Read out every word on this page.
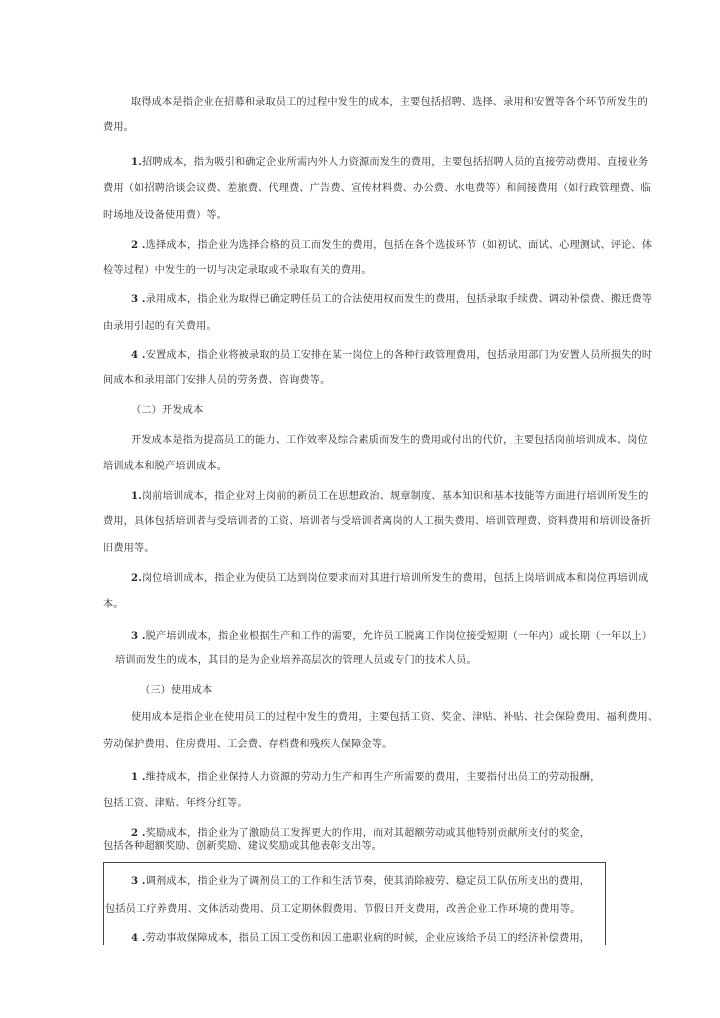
取得成本是指企业在招募和录取员工的过程中发生的成本，主要包括招聘、选择、录用和安置等各个环节所发生的
费用。
1.招聘成本，指为吸引和确定企业所需内外人力资源而发生的费用，主要包括招聘人员的直接劳动费用、直接业务
费用（如招聘洽谈会议费、差旅费、代理费、广告费、宣传材料费、办公费、水电费等）和间接费用（如行政管理费、临
时场地及设备使用费）等。
2 .选择成本，指企业为选择合格的员工而发生的费用，包括在各个选拔环节（如初试、面试、心理测试、评论、体
检等过程）中发生的一切与决定录取或不录取有关的费用。
3 .录用成本，指企业为取得已确定聘任员工的合法使用权而发生的费用，包括录取手续费、调动补偿费、搬迁费等
由录用引起的有关费用。
4 .安置成本，指企业将被录取的员工安排在某一岗位上的各种行政管理费用，包括录用部门为安置人员所损失的时
间成本和录用部门安排人员的劳务费、咨询费等。
（二）开发成本
开发成本是指为提高员工的能力、工作效率及综合素质而发生的费用或付出的代价，主要包括岗前培训成本、岗位
培训成本和脱产培训成本。
1.岗前培训成本，指企业对上岗前的新员工在思想政治、规章制度、基本知识和基本技能等方面进行培训所发生的
费用，具体包括培训者与受培训者的工资、培训者与受培训者离岗的人工损失费用、培训管理费、资料费用和培训设备折
旧费用等。
2.岗位培训成本，指企业为使员工达到岗位要求而对其进行培训所发生的费用，包括上岗培训成本和岗位再培训成
本。
3 .脱产培训成本，指企业根据生产和工作的需要，允许员工脱离工作岗位接受短期（一年内）或长期（一年以上）
培训而发生的成本，其目的是为企业培养高层次的管理人员或专门的技术人员。
（三）使用成本
使用成本是指企业在使用员工的过程中发生的费用，主要包括工资、奖金、津贴、补贴、社会保险费用、福利费用、
劳动保护费用、住房费用、工会费、存档费和残疾人保障金等。
1 .维持成本，指企业保持人力资源的劳动力生产和再生产所需要的费用，主要指付出员工的劳动报酬，
包括工资、津贴、年终分红等。
2 .奖励成本，指企业为了激励员工发挥更大的作用，而对其超额劳动或其他特别贡献所支付的奖金，
包括各种超额奖励、创新奖励、建议奖励或其他表彰支出等。
3 .调剂成本，指企业为了调剂员工的工作和生活节奏，使其消除疲劳、稳定员工队伍所支出的费用，
包括员工疗养费用、文体活动费用、员工定期休假费用、节假日开支费用，改善企业工作环境的费用等。
4 .劳动事故保障成本，指员工因工受伤和因工患职业病的时候，企业应该给予员工的经济补偿费用，
